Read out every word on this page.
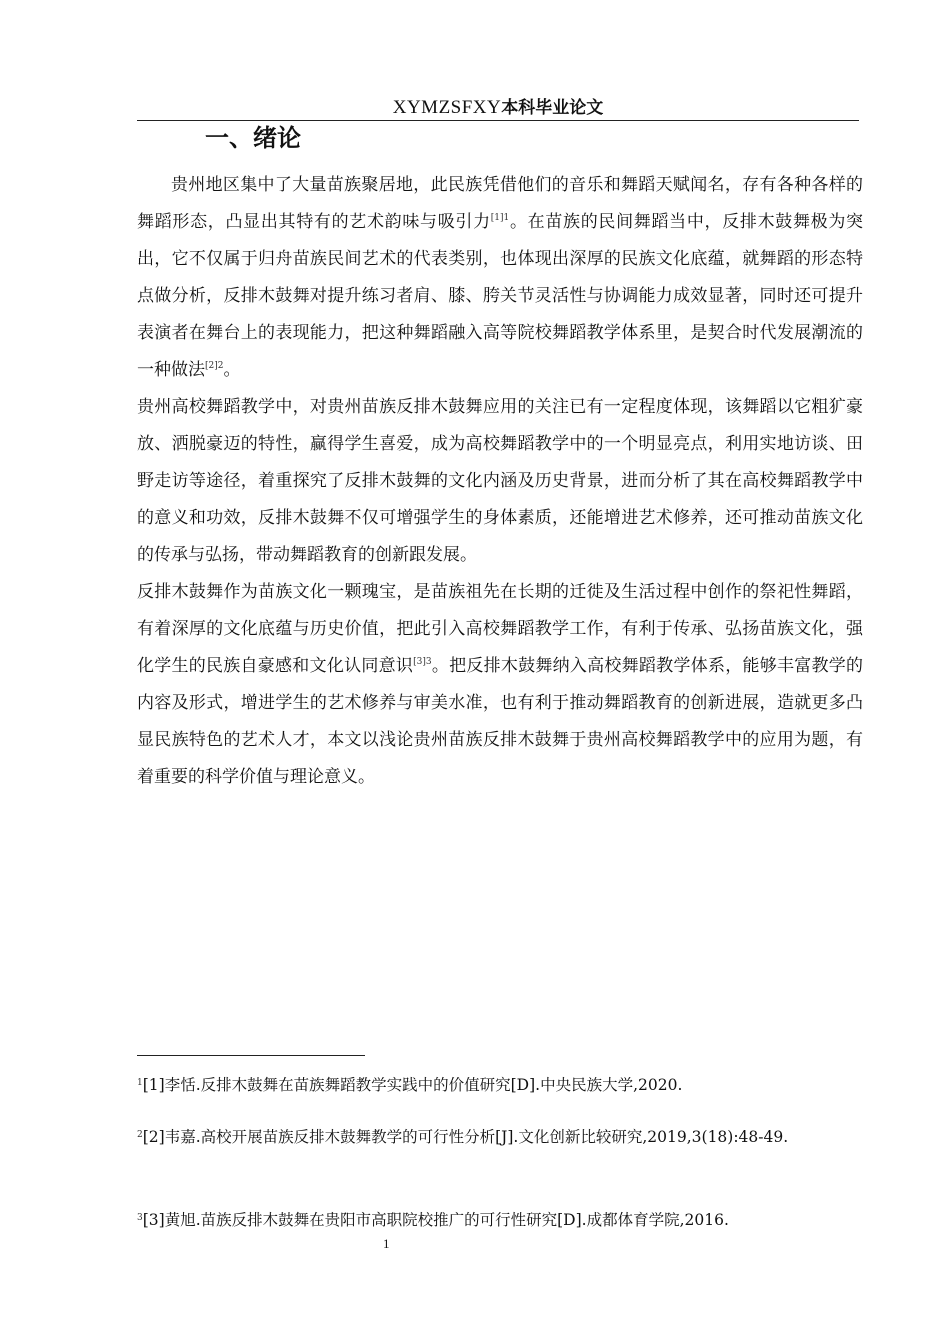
XYMZSFXY本科毕业论文
一、绪论

贵州地区集中了大量苗族聚居地，此民族凭借他们的音乐和舞蹈天赋闻名，存有各种各样的舞蹈形态，凸显出其特有的艺术韵味与吸引力$^{[1]1}$。在苗族的民间舞蹈当中，反排木鼓舞极为突出，它不仅属于归舟苗族民间艺术的代表类别，也体现出深厚的民族文化底蕴，就舞蹈的形态特点做分析，反排木鼓舞对提升练习者肩、膝、胯关节灵活性与协调能力成效显著，同时还可提升表演者在舞台上的表现能力，把这种舞蹈融入高等院校舞蹈教学体系里，是契合时代发展潮流的一种做法$^{[2]2}$。

贵州高校舞蹈教学中，对贵州苗族反排木鼓舞应用的关注已有一定程度体现，该舞蹈以它粗犷豪放、洒脱豪迈的特性，赢得学生喜爱，成为高校舞蹈教学中的一个明显亮点，利用实地访谈、田野走访等途径，着重探究了反排木鼓舞的文化内涵及历史背景，进而分析了其在高校舞蹈教学中的意义和功效，反排木鼓舞不仅可增强学生的身体素质，还能增进艺术修养，还可推动苗族文化的传承与弘扬，带动舞蹈教育的创新跟发展。

反排木鼓舞作为苗族文化一颗瑰宝，是苗族祖先在长期的迁徙及生活过程中创作的祭祀性舞蹈，有着深厚的文化底蕴与历史价值，把此引入高校舞蹈教学工作，有利于传承、弘扬苗族文化，强化学生的民族自豪感和文化认同意识$^{[3]3}$。把反排木鼓舞纳入高校舞蹈教学体系，能够丰富教学的内容及形式，增进学生的艺术修养与审美水准，也有利于推动舞蹈教育的创新进展，造就更多凸显民族特色的艺术人才，本文以浅论贵州苗族反排木鼓舞于贵州高校舞蹈教学中的应用为题，有着重要的科学价值与理论意义。

$^1$[1]李恬.反排木鼓舞在苗族舞蹈教学实践中的价值研究[D].中央民族大学,2020.
$^2$[2]韦嘉.高校开展苗族反排木鼓舞教学的可行性分析[J].文化创新比较研究,2019,3(18):48-49.
$^3$[3]黄旭.苗族反排木鼓舞在贵阳市高职院校推广的可行性研究[D].成都体育学院,2016.
1
